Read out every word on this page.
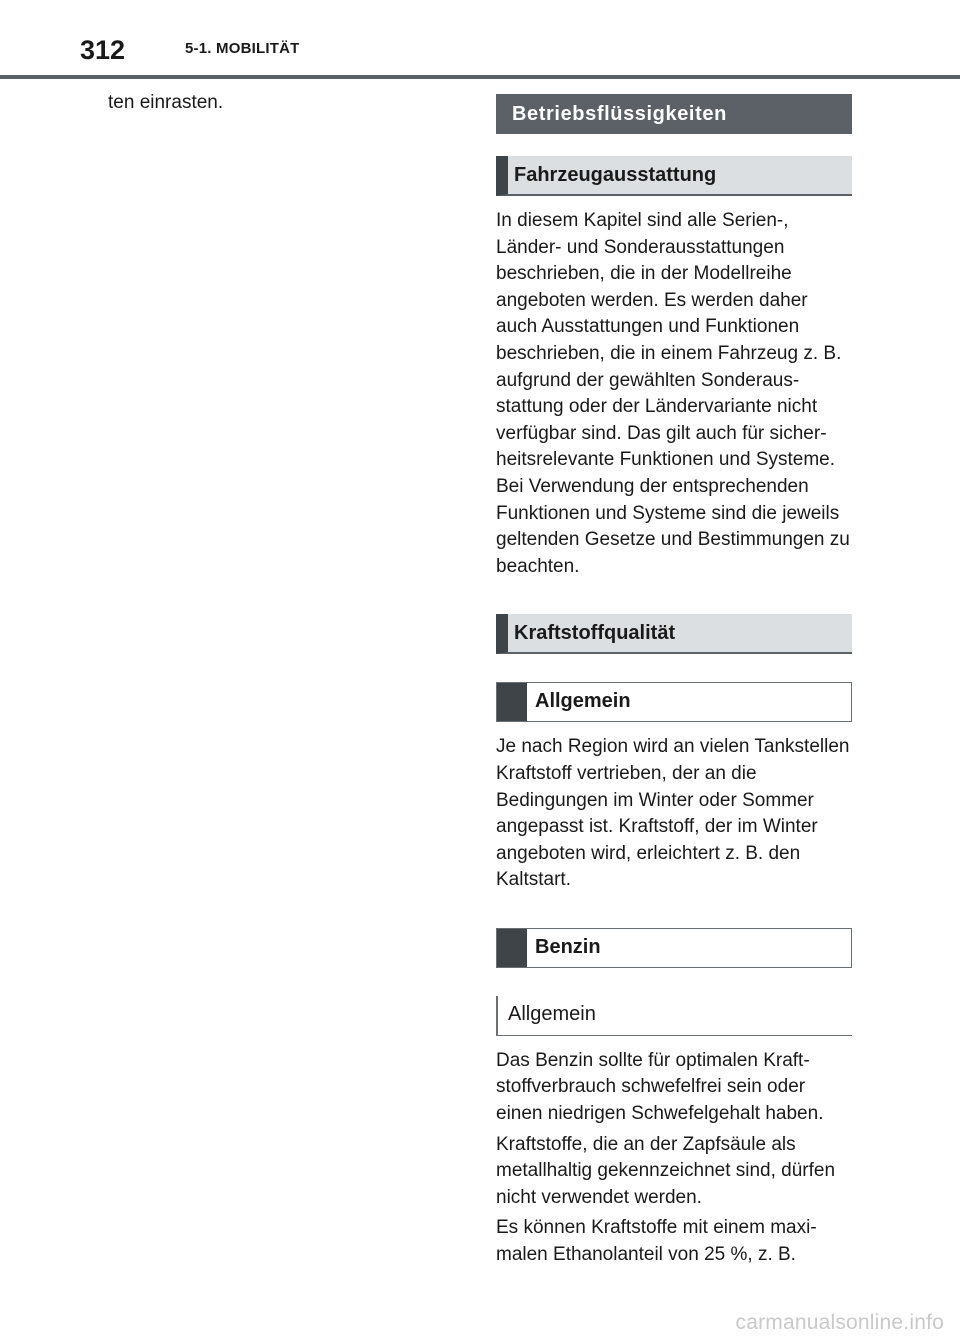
312	5-1. MOBILITÄT

ten einrasten.

Betriebsflüssigkeiten
Fahrzeugausstattung

In diesem Kapitel sind alle Serien-, Länder- und Sonderausstattungen beschrieben, die in der Modellreihe angeboten werden. Es werden daher auch Ausstattungen und Funktionen beschrieben, die in einem Fahrzeug z. B. aufgrund der gewählten Sonderausstattung oder der Ländervariante nicht verfügbar sind. Das gilt auch für sicherheitsrelevante Funktionen und Systeme. Bei Verwendung der entsprechenden Funktionen und Systeme sind die jeweils geltenden Gesetze und Bestimmungen zu beachten.

Kraftstoffqualität
Allgemein

Je nach Region wird an vielen Tankstellen Kraftstoff vertrieben, der an die Bedingungen im Winter oder Sommer angepasst ist. Kraftstoff, der im Winter angeboten wird, erleichtert z. B. den Kaltstart.

Benzin
Allgemein

Das Benzin sollte für optimalen Kraftstoffverbrauch schwefelfrei sein oder einen niedrigen Schwefelgehalt haben.

Kraftstoffe, die an der Zapfsäule als metallhaltig gekennzeichnet sind, dürfen nicht verwendet werden.

Es können Kraftstoffe mit einem maximalen Ethanolanteil von 25 %, z. B.

carmanualsonline.info
